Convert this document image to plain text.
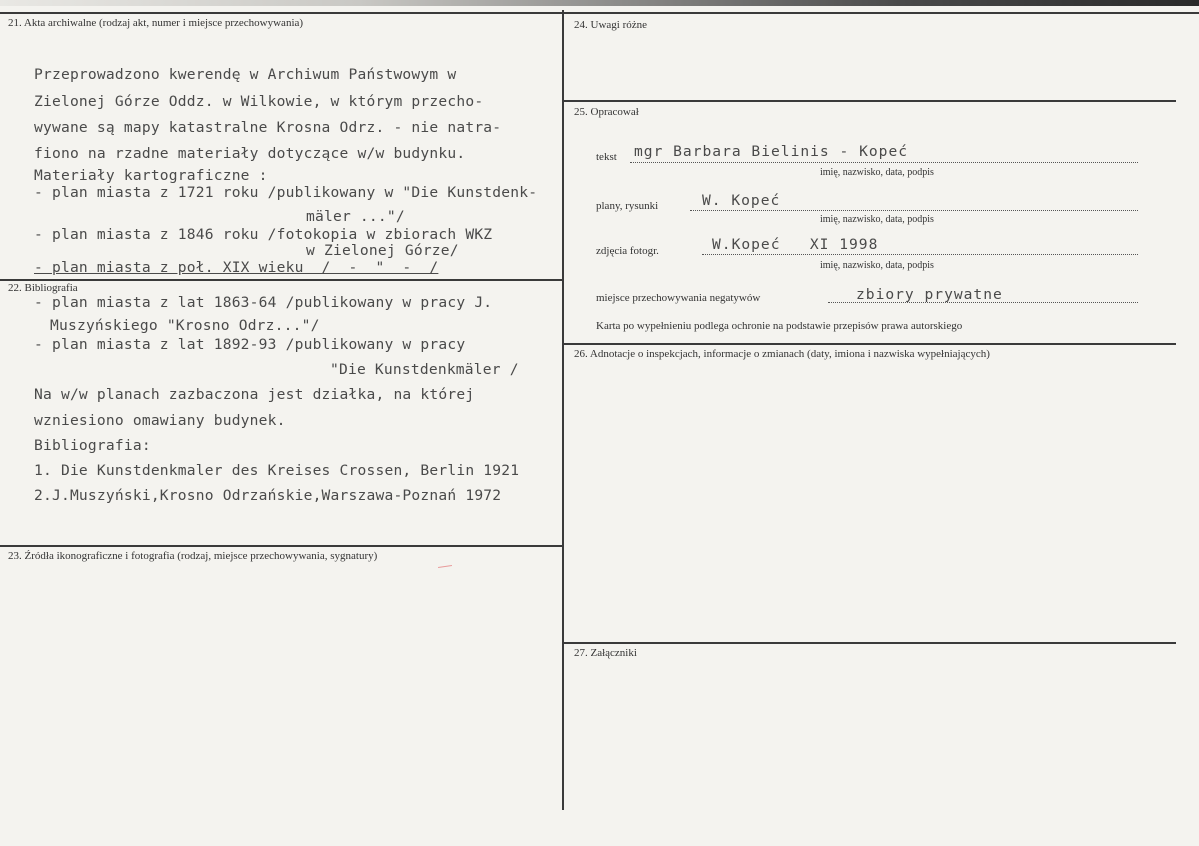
21. Akta archiwalne (rodzaj akt, numer i miejsce przechowywania)
22. Bibliografia
23. Źródła ikonograficzne i fotografia (rodzaj, miejsce przechowywania, sygnatury)
24. Uwagi różne
25. Opracował
26. Adnotacje o inspekcjach, informacje o zmianach (daty, imiona i nazwiska wypełniających)
27. Załączniki
Przeprowadzono kwerendę w Archiwum Państwowym w
Zielonej Górze Oddz. w Wilkowie, w którym przecho-
wywane są mapy katastralne Krosna Odrz. - nie natra-
fiono na rzadne materiały dotyczące w/w budynku.
Materiały kartograficzne :
- plan miasta z 1721 roku /publikowany w "Die Kunstdenk-
mäler ..."/
- plan miasta z 1846 roku /fotokopia w zbiorach WKZ
w Zielonej Górze/
- plan miasta z poł. XIX wieku  /  -  "  -  /
- plan miasta z lat 1863-64 /publikowany w pracy J.
Muszyńskiego "Krosno Odrz..."/
- plan miasta z lat 1892-93 /publikowany w pracy
"Die Kunstdenkmäler /
Na w/w planach zazbaczona jest działka, na której
wzniesiono omawiany budynek.
Bibliografia:
1. Die Kunstdenkmaler des Kreises Crossen, Berlin 1921
2.J.Muszyński,Krosno Odrzańskie,Warszawa-Poznań 1972
tekst mgr Barbara Bielinis - Kopeć
imię, nazwisko, data, podpis
plany, rysunki	W. Kopeć
imię, nazwisko, data, podpis
zdjęcia fotogr.	W.Kopeć   XI 1998
imię, nazwisko, data, podpis
miejsce przechowywania negatywów	zbiory prywatne
Karta po wypełnieniu podlega ochronie na podstawie przepisów prawa autorskiego
